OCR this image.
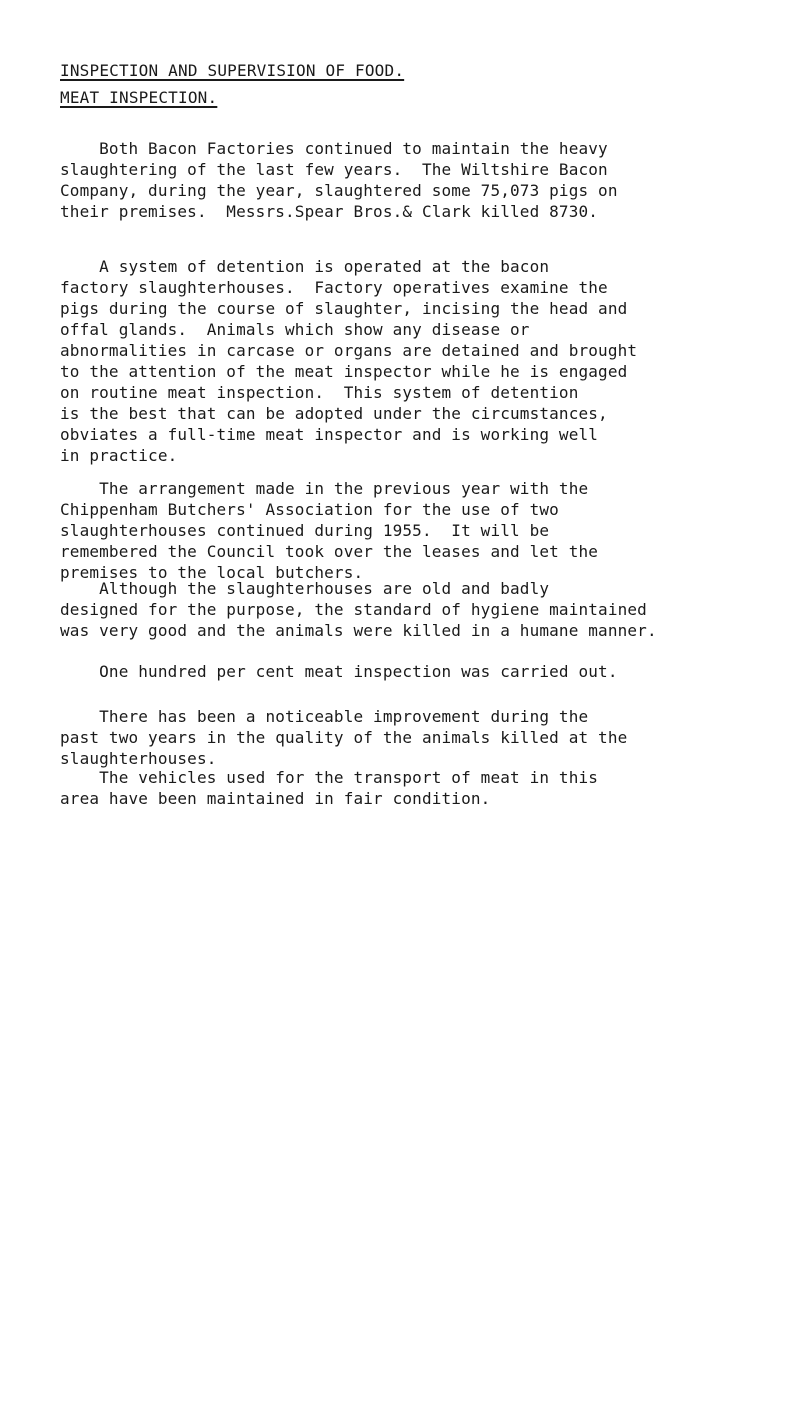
INSPECTION AND SUPERVISION OF FOOD.
MEAT INSPECTION.

Both Bacon Factories continued to maintain the heavy
slaughtering of the last few years.  The Wiltshire Bacon
Company, during the year, slaughtered some 75,073 pigs on
their premises.  Messrs.Spear Bros.& Clark killed 8730.

A system of detention is operated at the bacon
factory slaughterhouses.  Factory operatives examine the
pigs during the course of slaughter, incising the head and
offal glands.  Animals which show any disease or
abnormalities in carcase or organs are detained and brought
to the attention of the meat inspector while he is engaged
on routine meat inspection.  This system of detention
is the best that can be adopted under the circumstances,
obviates a full-time meat inspector and is working well
in practice.

The arrangement made in the previous year with the
Chippenham Butchers' Association for the use of two
slaughterhouses continued during 1955.  It will be
remembered the Council took over the leases and let the
premises to the local butchers.

Although the slaughterhouses are old and badly
designed for the purpose, the standard of hygiene maintained
was very good and the animals were killed in a humane manner.

One hundred per cent meat inspection was carried out.

There has been a noticeable improvement during the
past two years in the quality of the animals killed at the
slaughterhouses.

The vehicles used for the transport of meat in this
area have been maintained in fair condition.
